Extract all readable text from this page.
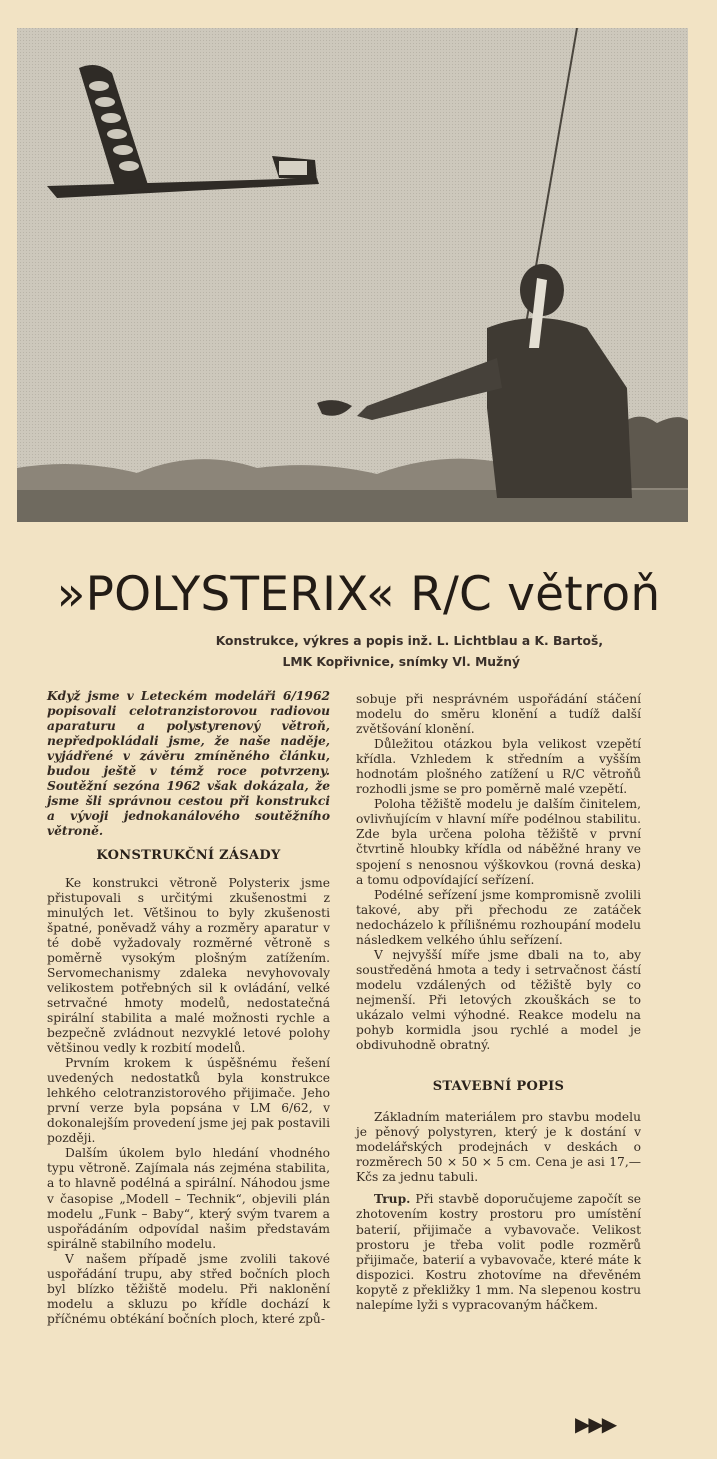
»POLYSTERIX« R/C větroň
Konstrukce, výkres a popis inž. L. Lichtblau a K. Bartoš,
LMK Kopřivnice, snímky Vl. Mužný

Když jsme v Leteckém modeláři 6/1962 popisovali celotranzistorovou radiovou aparaturu a polystyrenový větroň, nepředpokládali jsme, že naše naděje, vyjádřené v závěru zmíněného článku, budou ještě v témž roce potvrzeny. Soutěžní sezóna 1962 však dokázala, že jsme šli správnou cestou při konstrukci a vývoji jednokanálového soutěžního větroně.

KONSTRUKČNÍ ZÁSADY

Ke konstrukci větroně Polysterix jsme přistupovali s určitými zkušenostmi z minulých let. Většinou to byly zkušenosti špatné, poněvadž váhy a rozměry aparatur v té době vyžadovaly rozměrné větroně s poměrně vysokým plošným zatížením. Servomechanismy zdaleka nevyhovovaly velikostem potřebných sil k ovládání, velké setrvačné hmoty modelů, nedostatečná spirální stabilita a malé možnosti rychle a bezpečně zvládnout nezvyklé letové polohy většinou vedly k rozbití modelů.

Prvním krokem k úspěšnému řešení uvedených nedostatků byla konstrukce lehkého celotranzistorového přijimače. Jeho první verze byla popsána v LM 6/62, v dokonalejším provedení jsme jej pak postavili později.

Dalším úkolem bylo hledání vhodného typu větroně. Zajímala nás zejména stabilita, a to hlavně podélná a spirální. Náhodou jsme v časopise „Modell – Technik“, objevili plán modelu „Funk – Baby“, který svým tvarem a uspořádáním odpovídal našim představám spirálně stabilního modelu.

V našem případě jsme zvolili takové uspořádání trupu, aby střed bočních ploch byl blízko těžiště modelu. Při naklonění modelu a skluzu po křídle dochází k příčnému obtékání bočních ploch, které způ-

sobuje při nesprávném uspořádání stáčení modelu do směru klonění a tudíž další zvětšování klonění.

Důležitou otázkou byla velikost vzepětí křídla. Vzhledem k středním a vyšším hodnotám plošného zatížení u R/C větroňů rozhodli jsme se pro poměrně malé vzepětí.

Poloha těžiště modelu je dalším činitelem, ovlivňujícím v hlavní míře podélnou stabilitu. Zde byla určena poloha těžiště v první čtvrtině hloubky křídla od náběžné hrany ve spojení s nenosnou výškovkou (rovná deska) a tomu odpovídající seřízení.

Podélné seřízení jsme kompromisně zvolili takové, aby při přechodu ze zatáček nedocházelo k přílišnému rozhoupání modelu následkem velkého úhlu seřízení.

V nejvyšší míře jsme dbali na to, aby soustředěná hmota a tedy i setrvačnost částí modelu vzdálených od těžiště byly co nejmenší. Při letových zkouškách se to ukázalo velmi výhodné. Reakce modelu na pohyb kormidla jsou rychlé a model je obdivuhodně obratný.

STAVEBNÍ POPIS

Základním materiálem pro stavbu modelu je pěnový polystyren, který je k dostání v modelářských prodejnách v deskách o rozměrech 50 × 50 × 5 cm. Cena je asi 17,— Kčs za jednu tabuli.

Trup. Při stavbě doporučujeme započít se zhotovením kostry prostoru pro umístění baterií, přijimače a vybavovače. Velikost prostoru je třeba volit podle rozměrů přijimače, baterií a vybavovače, které máte k dispozici. Kostru zhotovíme na dřevěném kopytě z překližky 1 mm. Na slepenou kostru nalepíme lyži s vypracovaným háčkem.

▶▶▶
